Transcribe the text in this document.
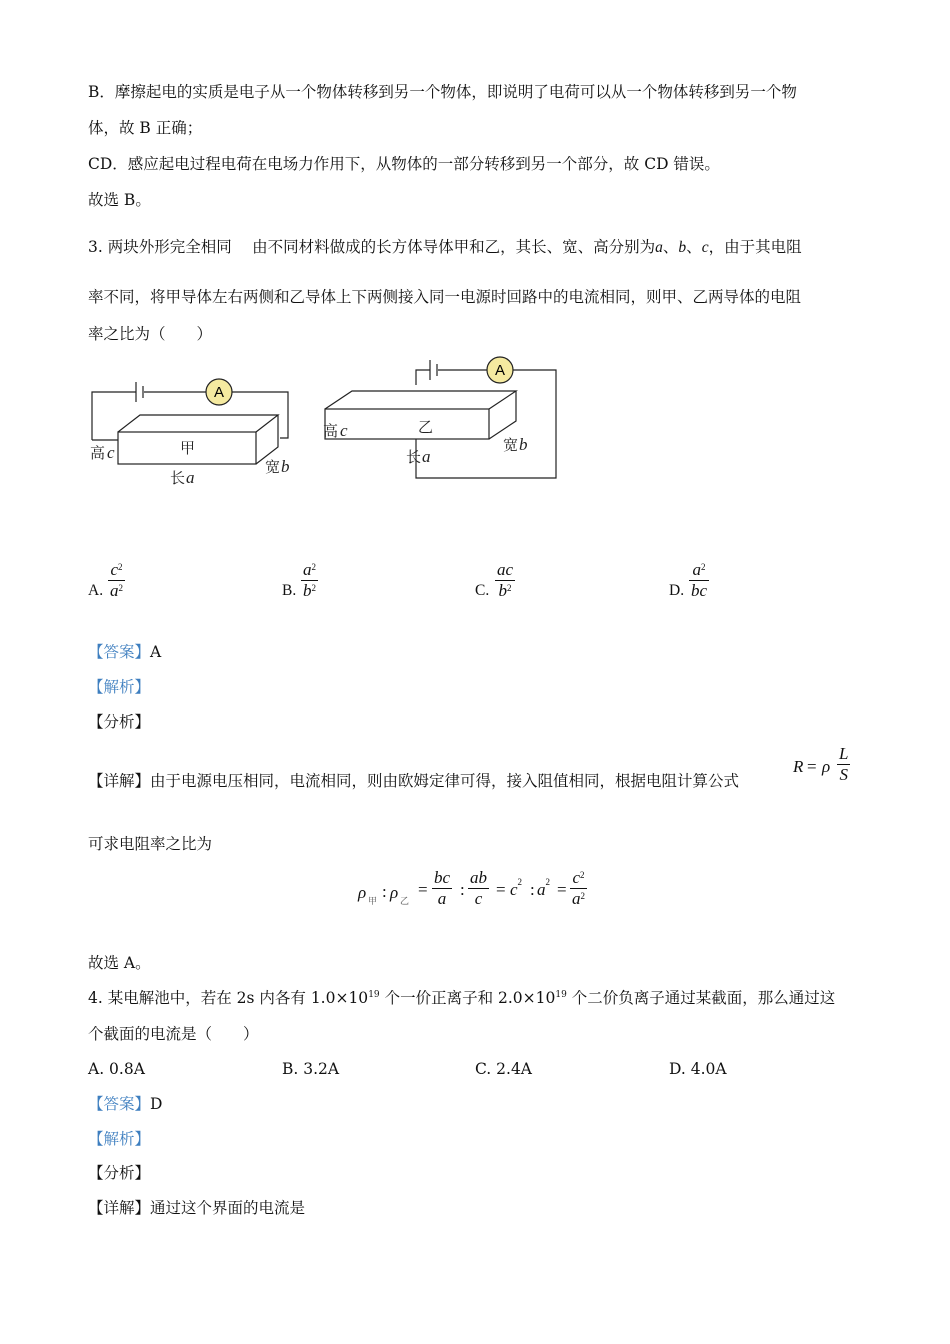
B．摩擦起电的实质是电子从一个物体转移到另一个物体，即说明了电荷可以从一个物体转移到另一个物
体，故 B 正确；
CD．感应起电过程电荷在电场力作用下，从物体的一部分转移到另一个部分，故 CD 错误。
故选 B。
3. 两块外形完全相同 　由不同材料做成的长方体导体甲和乙，其长、宽、高分别为a、b、c，由于其电阻
率不同，将甲导体左右两侧和乙导体上下两侧接入同一电源时回路中的电流相同，则甲、乙两导体的电阻
率之比为（　　）
A
A
甲
乙
高
长
宽
高
长
宽
c
a
b
c
a
b
A. $\frac{c^2}{a^2}$	B. $\frac{a^2}{b^2}$	C. $\frac{ac}{b^2}$	D. $\frac{a^2}{bc}$
【答案】A
【解析】
【分析】
【详解】由于电源电压相同，电流相同，则由欧姆定律可得，接入阻值相同，根据电阻计算公式
R = ρ $\frac{L}{S}$
可求电阻率之比为
ρ 甲
: ρ 乙
= $\frac{bc}{a}$ : $\frac{ab}{c} = c^2$ : $a^2 = \frac{c^2}{a^2}$
故选 A。
4. 某电解池中，若在 2s 内各有 $1.0\times 10^{19}$ 个一价正离子和 $2.0\times 10^{19}$ 个二价负离子通过某截面，那么通过这
个截面的电流是（　　）
A. 0.8A	B. 3.2A	C. 2.4A	D. 4.0A
【答案】D
【解析】
【分析】
【详解】通过这个界面的电流是
